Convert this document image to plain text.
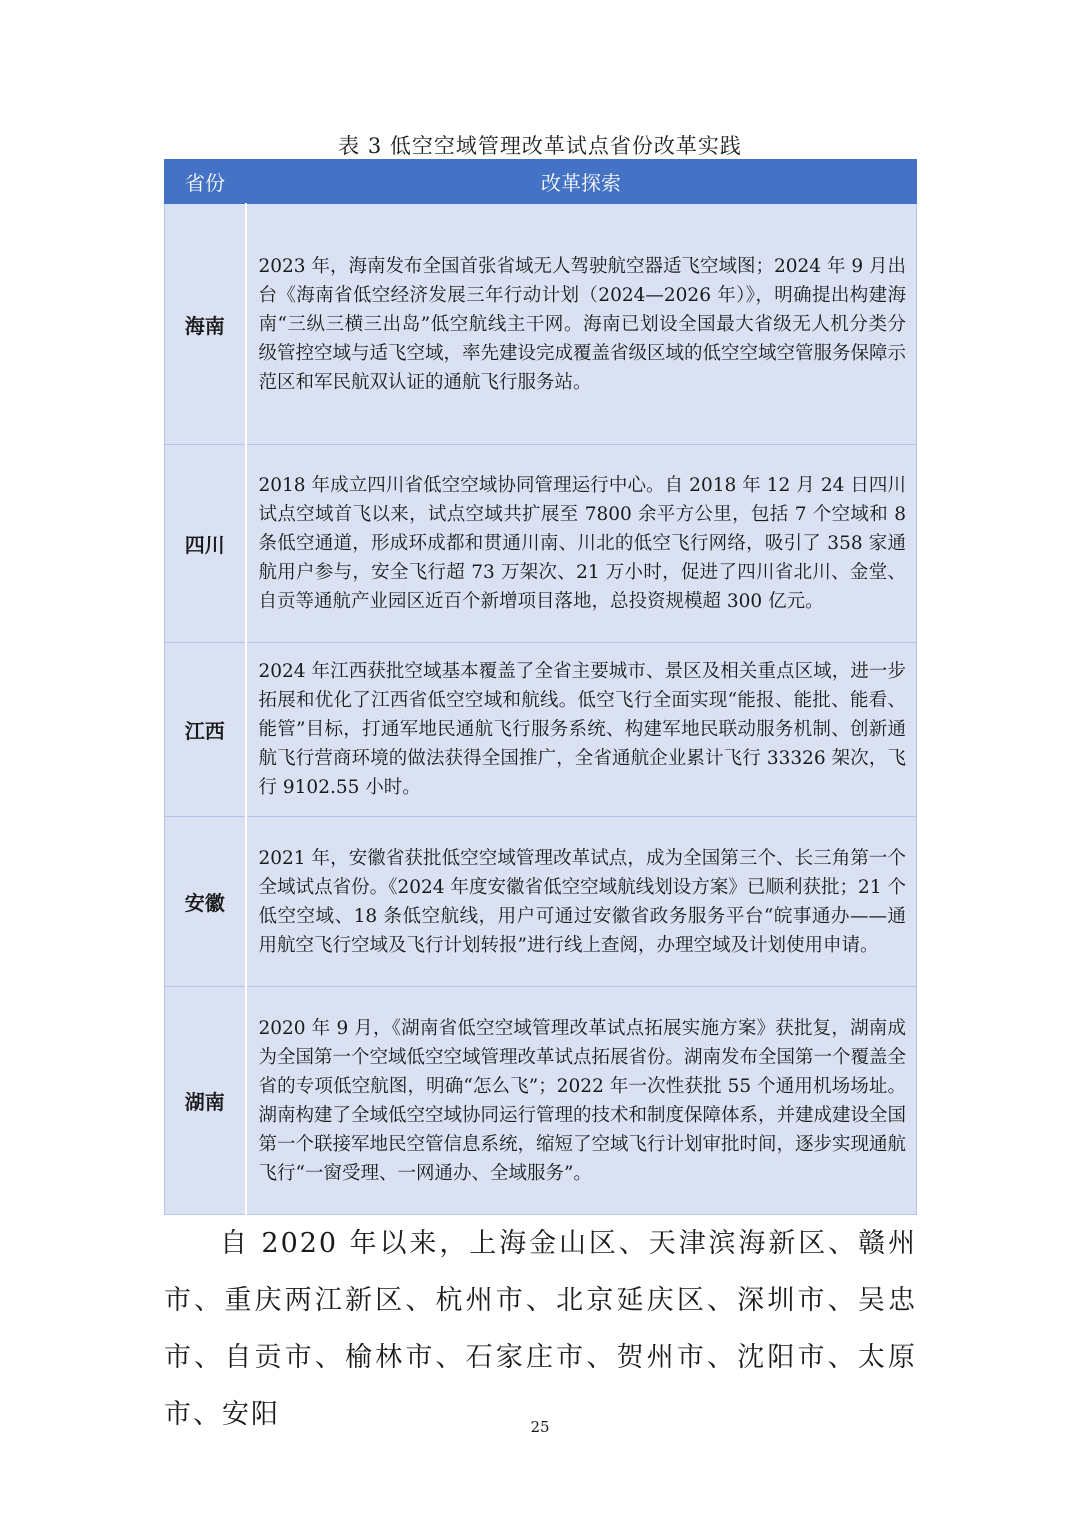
表 3 低空空域管理改革试点省份改革实践
省份	改革探索
海南	2023 年，海南发布全国首张省域无人驾驶航空器适飞空域图；2024 年 9 月出台《海南省低空经济发展三年行动计划（2024—2026 年）》，明确提出构建海南“三纵三横三出岛”低空航线主干网。海南已划设全国最大省级无人机分类分级管控空域与适飞空域，率先建设完成覆盖省级区域的低空空域空管服务保障示范区和军民航双认证的通航飞行服务站。
四川	2018 年成立四川省低空空域协同管理运行中心。自 2018 年 12 月 24 日四川试点空域首飞以来，试点空域共扩展至 7800 余平方公里，包括 7 个空域和 8 条低空通道，形成环成都和贯通川南、川北的低空飞行网络，吸引了 358 家通航用户参与，安全飞行超 73 万架次、21 万小时，促进了四川省北川、金堂、自贡等通航产业园区近百个新增项目落地，总投资规模超 300 亿元。
江西	2024 年江西获批空域基本覆盖了全省主要城市、景区及相关重点区域，进一步拓展和优化了江西省低空空域和航线。低空飞行全面实现“能报、能批、能看、能管”目标，打通军地民通航飞行服务系统、构建军地民联动服务机制、创新通航飞行营商环境的做法获得全国推广，全省通航企业累计飞行 33326 架次，飞行 9102.55 小时。
安徽	2021 年，安徽省获批低空空域管理改革试点，成为全国第三个、长三角第一个全域试点省份。《2024 年度安徽省低空空域航线划设方案》已顺利获批；21 个低空空域、18 条低空航线，用户可通过安徽省政务服务平台“皖事通办——通用航空飞行空域及飞行计划转报”进行线上查阅，办理空域及计划使用申请。
湖南	2020 年 9 月，《湖南省低空空域管理改革试点拓展实施方案》获批复，湖南成为全国第一个空域低空空域管理改革试点拓展省份。湖南发布全国第一个覆盖全省的专项低空航图，明确“怎么飞”；2022 年一次性获批 55 个通用机场场址。湖南构建了全域低空空域协同运行管理的技术和制度保障体系，并建成建设全国第一个联接军地民空管信息系统，缩短了空域飞行计划审批时间，逐步实现通航飞行“一窗受理、一网通办、全域服务”。

自 2020 年以来，上海金山区、天津滨海新区、赣州市、重庆两江新区、杭州市、北京延庆区、深圳市、吴忠市、自贡市、榆林市、石家庄市、贺州市、沈阳市、太原市、安阳	25
